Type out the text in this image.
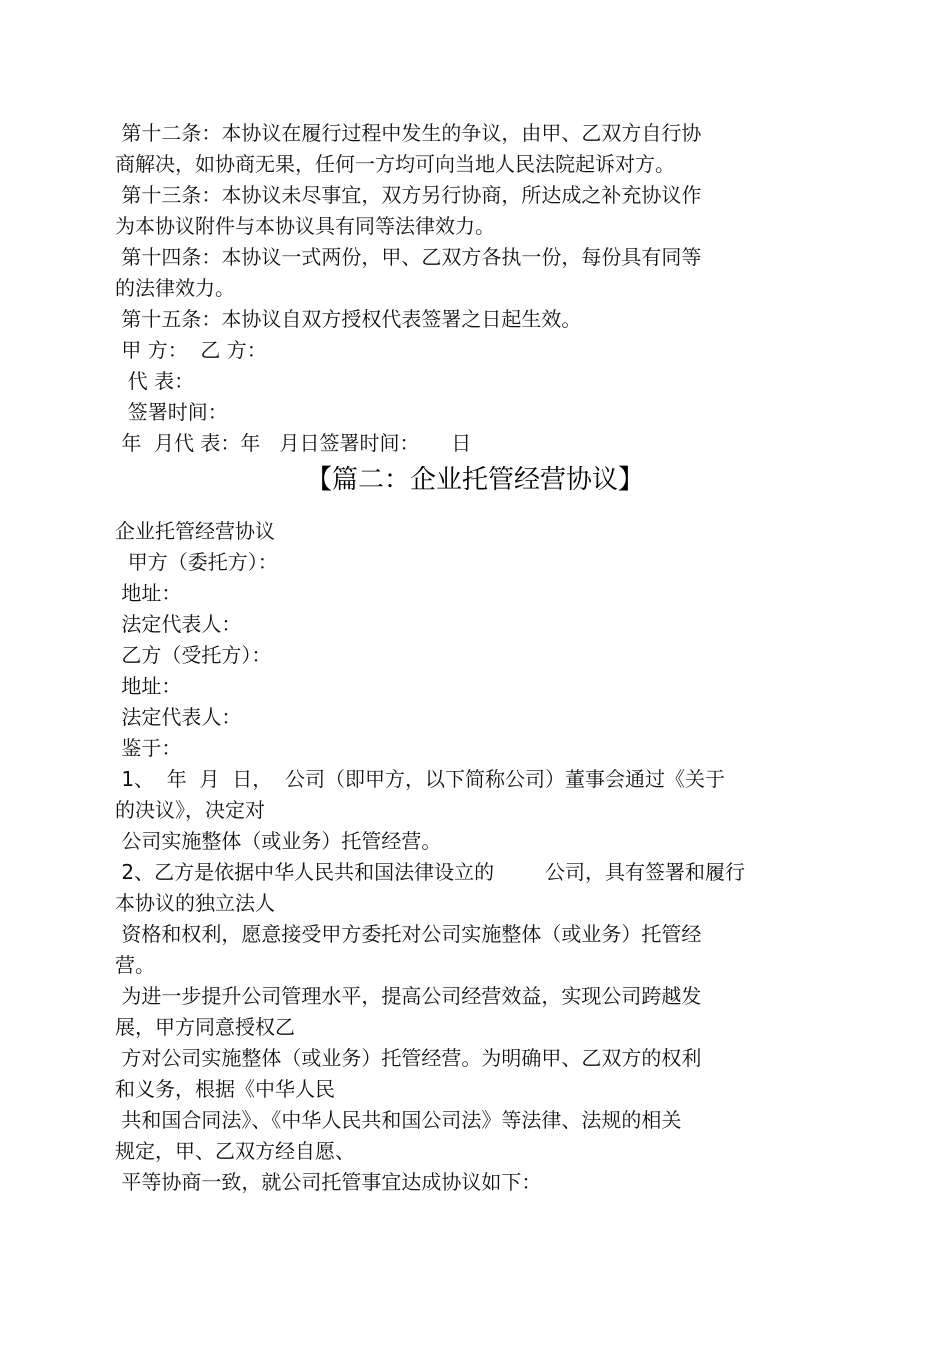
第十二条：本协议在履行过程中发生的争议，由甲、乙双方自行协
商解决，如协商无果，任何一方均可向当地人民法院起诉对方。
第十三条：本协议未尽事宜，双方另行协商，所达成之补充协议作
为本协议附件与本协议具有同等法律效力。
第十四条：本协议一式两份，甲、乙双方各执一份，每份具有同等
的法律效力。
第十五条：本协议自双方授权代表签署之日起生效。
甲 方：  乙 方：
代 表：
签署时间：
年  月代 表：年   月日签署时间：     日
【篇二：企业托管经营协议】
企业托管经营协议
甲方（委托方）：
地址：
法定代表人：
乙方（受托方）：
地址：
法定代表人：
鉴于：
1、  年  月  日，  公司（即甲方，以下简称公司）董事会通过《关于
的决议》，决定对
公司实施整体（或业务）托管经营。
2、乙方是依据中华人民共和国法律设立的        公司，具有签署和履行
本协议的独立法人
资格和权利，愿意接受甲方委托对公司实施整体（或业务）托管经
营。
为进一步提升公司管理水平，提高公司经营效益，实现公司跨越发
展，甲方同意授权乙
方对公司实施整体（或业务）托管经营。为明确甲、乙双方的权利
和义务，根据《中华人民
共和国合同法》、《中华人民共和国公司法》等法律、法规的相关
规定，甲、乙双方经自愿、
平等协商一致，就公司托管事宜达成协议如下：
